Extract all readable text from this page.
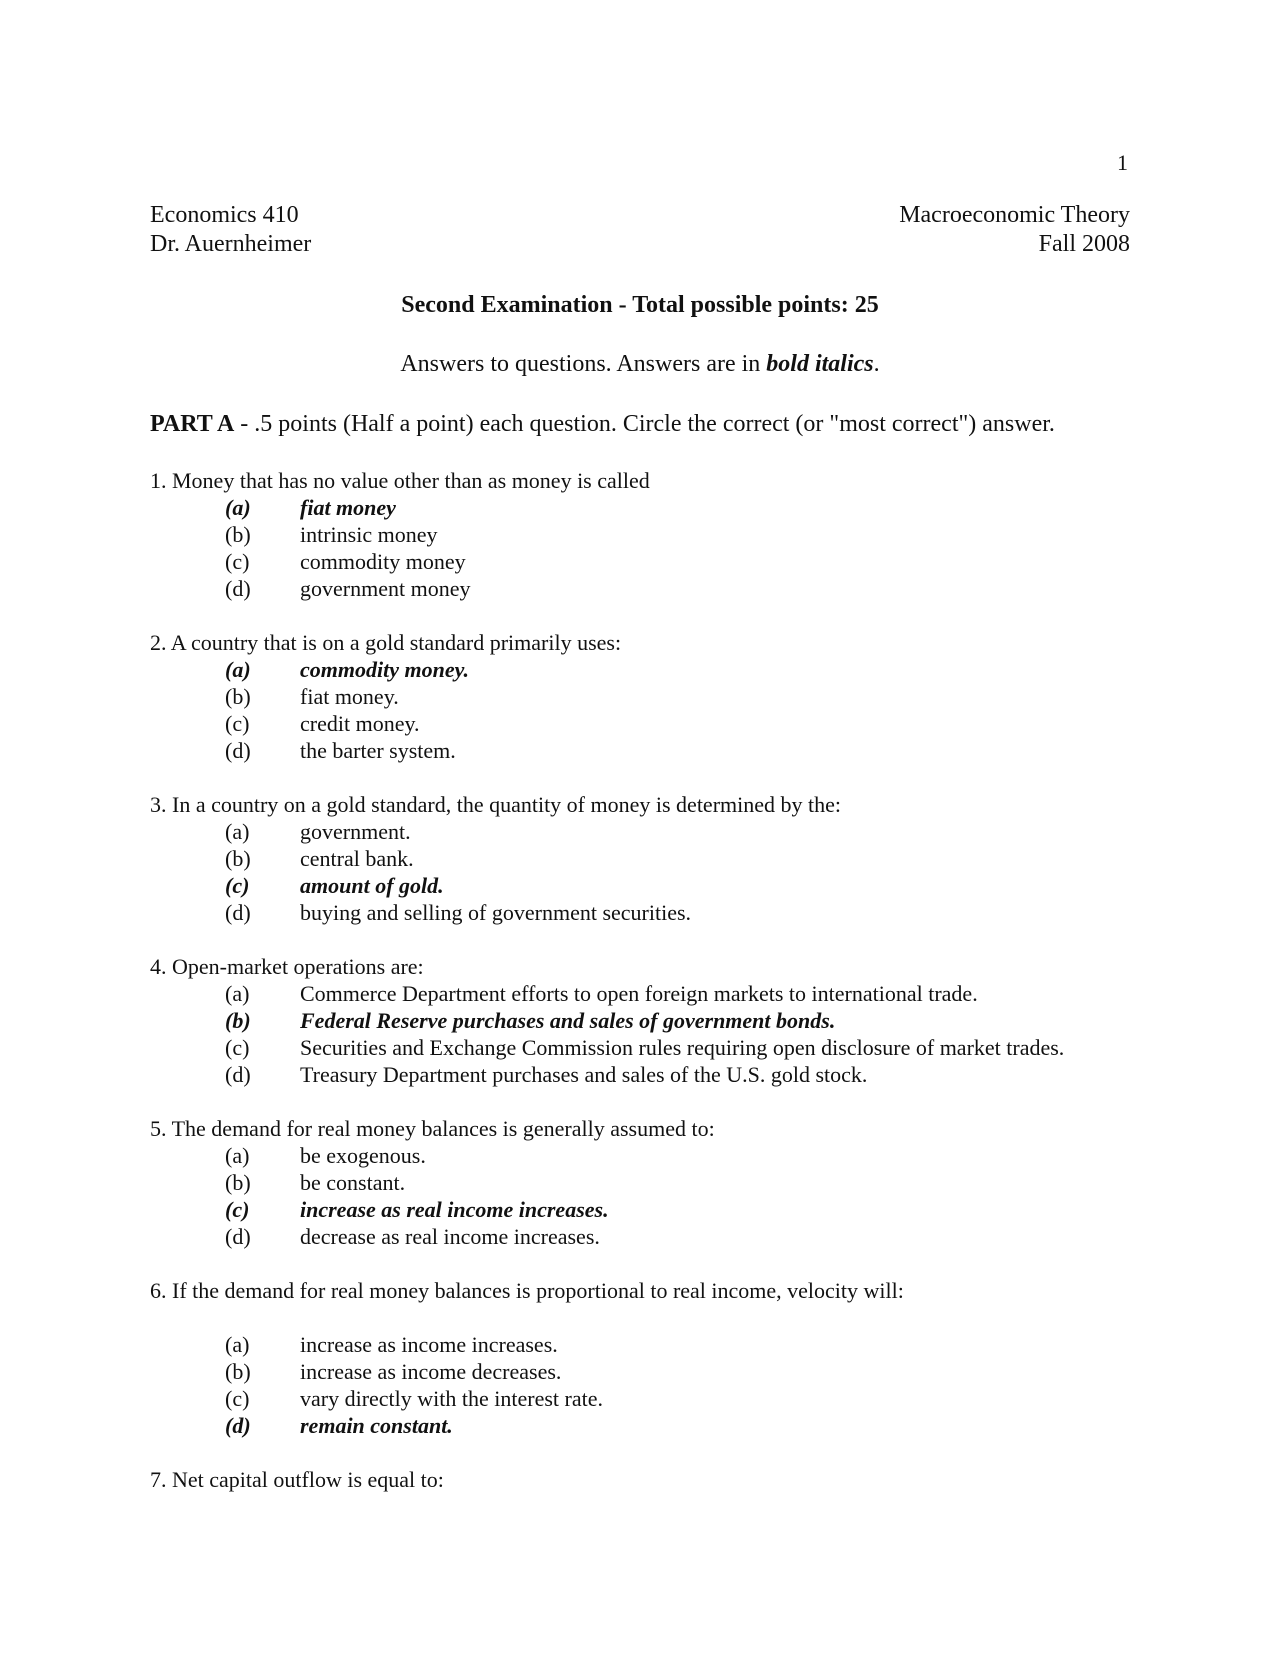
1
Economics 410	Macroeconomic Theory
Dr. Auernheimer	Fall 2008
Second Examination - Total possible points: 25
Answers to questions. Answers are in bold italics.
PART A - .5 points (Half a point) each question. Circle the correct (or "most correct") answer.
1. Money that has no value other than as money is called
(a)	fiat money
(b)	intrinsic money
(c)	commodity money
(d)	government money
2. A country that is on a gold standard primarily uses:
(a)	commodity money.
(b)	fiat money.
(c)	credit money.
(d)	the barter system.
3. In a country on a gold standard, the quantity of money is determined by the:
(a)	government.
(b)	central bank.
(c)	amount of gold.
(d)	buying and selling of government securities.
4. Open-market operations are:
(a)	Commerce Department efforts to open foreign markets to international trade.
(b)	Federal Reserve purchases and sales of government bonds.
(c)	Securities and Exchange Commission rules requiring open disclosure of market trades.
(d)	Treasury Department purchases and sales of the U.S. gold stock.
5. The demand for real money balances is generally assumed to:
(a)	be exogenous.
(b)	be constant.
(c)	increase as real income increases.
(d)	decrease as real income increases.
6. If the demand for real money balances is proportional to real income, velocity will:
(a)	increase as income increases.
(b)	increase as income decreases.
(c)	vary directly with the interest rate.
(d)	remain constant.
7. Net capital outflow is equal to:
